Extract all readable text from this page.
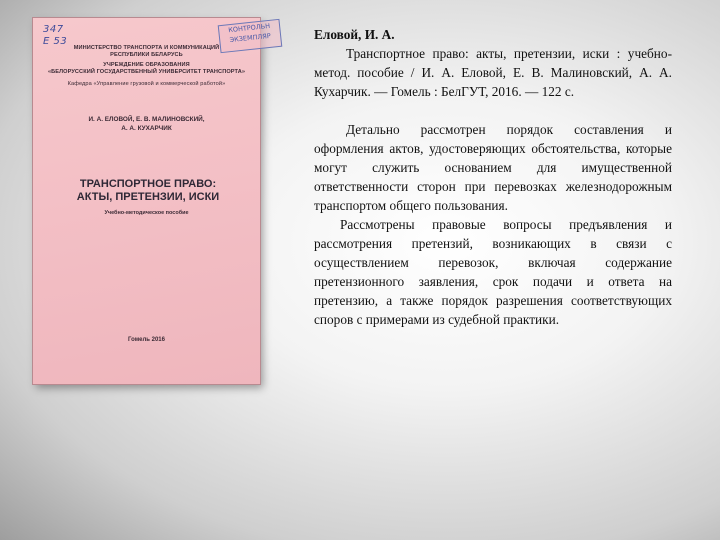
347
Е 53
КОНТРОЛЬН
ЭКЗЕМПЛЯР
МИНИСТЕРСТВО ТРАНСПОРТА И КОММУНИКАЦИЙ РЕСПУБЛИКИ БЕЛАРУСЬ
УЧРЕЖДЕНИЕ ОБРАЗОВАНИЯ
«БЕЛОРУССКИЙ ГОСУДАРСТВЕННЫЙ УНИВЕРСИТЕТ ТРАНСПОРТА»
Кафедра «Управление грузовой и коммерческой работой»
И. А. ЕЛОВОЙ, Е. В. МАЛИНОВСКИЙ,
А. А. КУХАРЧИК
ТРАНСПОРТНОЕ ПРАВО:
АКТЫ, ПРЕТЕНЗИИ, ИСКИ
Учебно-методическое пособие
Гомель 2016

Еловой, И. А.

Транспортное право: акты, претензии, иски : учебно-метод. пособие / И. А. Еловой, Е. В. Малиновский, А. А. Кухарчик. — Гомель : БелГУТ, 2016. — 122 с.

Детально рассмотрен порядок составления и оформления актов, удостоверяющих обстоятельства, которые могут служить основанием для имущественной ответственности сторон при перевозках железнодорожным транспортом общего пользования.

Рассмотрены правовые вопросы предъявления и рассмотрения претензий, возникающих в связи с осуществлением перевозок, включая содержание претензионного заявления, срок подачи и ответа на претензию, а также порядок разрешения соответствующих споров с примерами из судебной практики.
